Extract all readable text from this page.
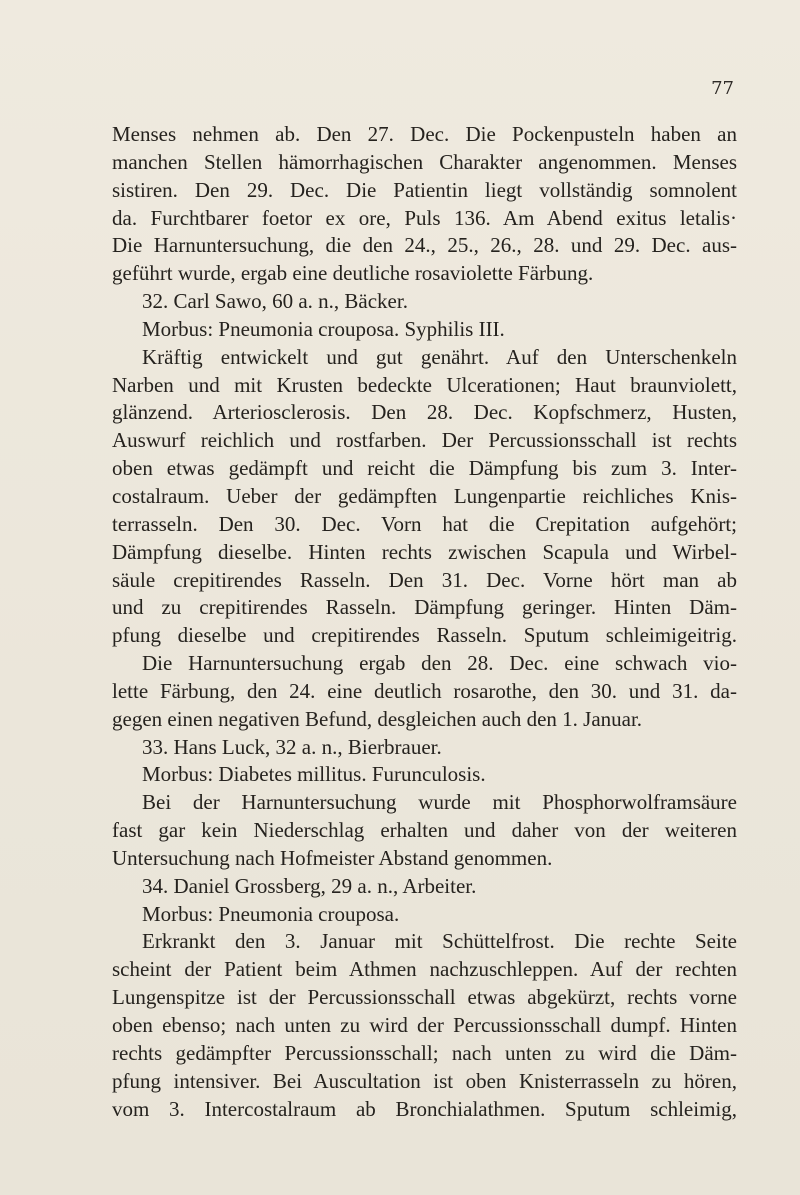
77
Menses nehmen ab. Den 27. Dec. Die Pockenpusteln haben an
manchen Stellen hämorrhagischen Charakter angenommen. Menses
sistiren. Den 29. Dec. Die Patientin liegt vollständig somnolent
da. Furchtbarer foetor ex ore, Puls 136. Am Abend exitus letalis·
Die Harnuntersuchung, die den 24., 25., 26., 28. und 29. Dec. aus-
geführt wurde, ergab eine deutliche rosaviolette Färbung.
32. Carl Sawo, 60 a. n., Bäcker.
Morbus: Pneumonia crouposa. Syphilis III.
Kräftig entwickelt und gut genährt. Auf den Unterschenkeln
Narben und mit Krusten bedeckte Ulcerationen; Haut braunviolett,
glänzend. Arteriosclerosis. Den 28. Dec. Kopfschmerz, Husten,
Auswurf reichlich und rostfarben. Der Percussionsschall ist rechts
oben etwas gedämpft und reicht die Dämpfung bis zum 3. Inter-
costalraum. Ueber der gedämpften Lungenpartie reichliches Knis-
terrasseln. Den 30. Dec. Vorn hat die Crepitation aufgehört;
Dämpfung dieselbe. Hinten rechts zwischen Scapula und Wirbel-
säule crepitirendes Rasseln. Den 31. Dec. Vorne hört man ab
und zu crepitirendes Rasseln. Dämpfung geringer. Hinten Däm-
pfung dieselbe und crepitirendes Rasseln. Sputum schleimigeitrig.
Die Harnuntersuchung ergab den 28. Dec. eine schwach vio-
lette Färbung, den 24. eine deutlich rosarothe, den 30. und 31. da-
gegen einen negativen Befund, desgleichen auch den 1. Januar.
33. Hans Luck, 32 a. n., Bierbrauer.
Morbus: Diabetes millitus. Furunculosis.
Bei der Harnuntersuchung wurde mit Phosphorwolframsäure
fast gar kein Niederschlag erhalten und daher von der weiteren
Untersuchung nach Hofmeister Abstand genommen.
34. Daniel Grossberg, 29 a. n., Arbeiter.
Morbus: Pneumonia crouposa.
Erkrankt den 3. Januar mit Schüttelfrost. Die rechte Seite
scheint der Patient beim Athmen nachzuschleppen. Auf der rechten
Lungenspitze ist der Percussionsschall etwas abgekürzt, rechts vorne
oben ebenso; nach unten zu wird der Percussionsschall dumpf. Hinten
rechts gedämpfter Percussionsschall; nach unten zu wird die Däm-
pfung intensiver. Bei Auscultation ist oben Knisterrasseln zu hören,
vom 3. Intercostalraum ab Bronchialathmen. Sputum schleimig,
